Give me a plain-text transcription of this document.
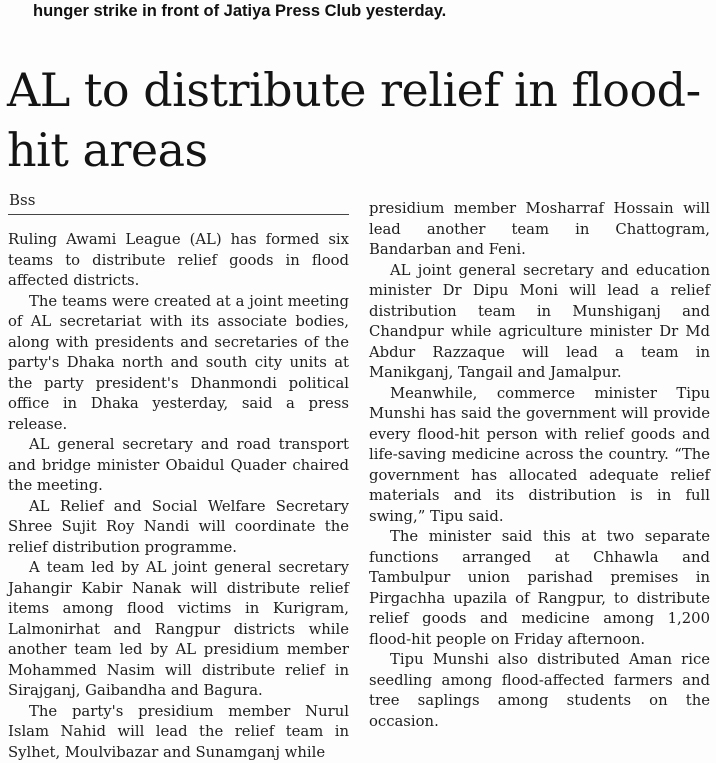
hunger strike in front of Jatiya Press Club yesterday.
AL to distribute relief in flood-hit areas
Bss

Ruling Awami League (AL) has formed six teams to distribute relief goods in flood affected districts.

The teams were created at a joint meeting of AL secretariat with its associate bodies, along with presidents and secretaries of the party's Dhaka north and south city units at the party president's Dhanmondi political office in Dhaka yesterday, said a press release.

AL general secretary and road transport and bridge minister Obaidul Quader chaired the meeting.

AL Relief and Social Welfare Secretary Shree Sujit Roy Nandi will coordinate the relief distribution programme.

A team led by AL joint general secretary Jahangir Kabir Nanak will distribute relief items among flood victims in Kurigram, Lalmonirhat and Rangpur districts while another team led by AL presidium member Mohammed Nasim will distribute relief in Sirajganj, Gaibandha and Bagura.

The party's presidium member Nurul Islam Nahid will lead the relief team in Sylhet, Moulvibazar and Sunamganj while

presidium member Mosharraf Hossain will lead another team in Chattogram, Bandarban and Feni.

AL joint general secretary and education minister Dr Dipu Moni will lead a relief distribution team in Munshiganj and Chandpur while agriculture minister Dr Md Abdur Razzaque will lead a team in Manikganj, Tangail and Jamalpur.

Meanwhile, commerce minister Tipu Munshi has said the government will provide every flood-hit person with relief goods and life-saving medicine across the country. “The government has allocated adequate relief materials and its distribution is in full swing,” Tipu said.

The minister said this at two separate functions arranged at Chhawla and Tambulpur union parishad premises in Pirgachha upazila of Rangpur, to distribute relief goods and medicine among 1,200 flood-hit people on Friday afternoon.

Tipu Munshi also distributed Aman rice seedling among flood-affected farmers and tree saplings among students on the occasion.
